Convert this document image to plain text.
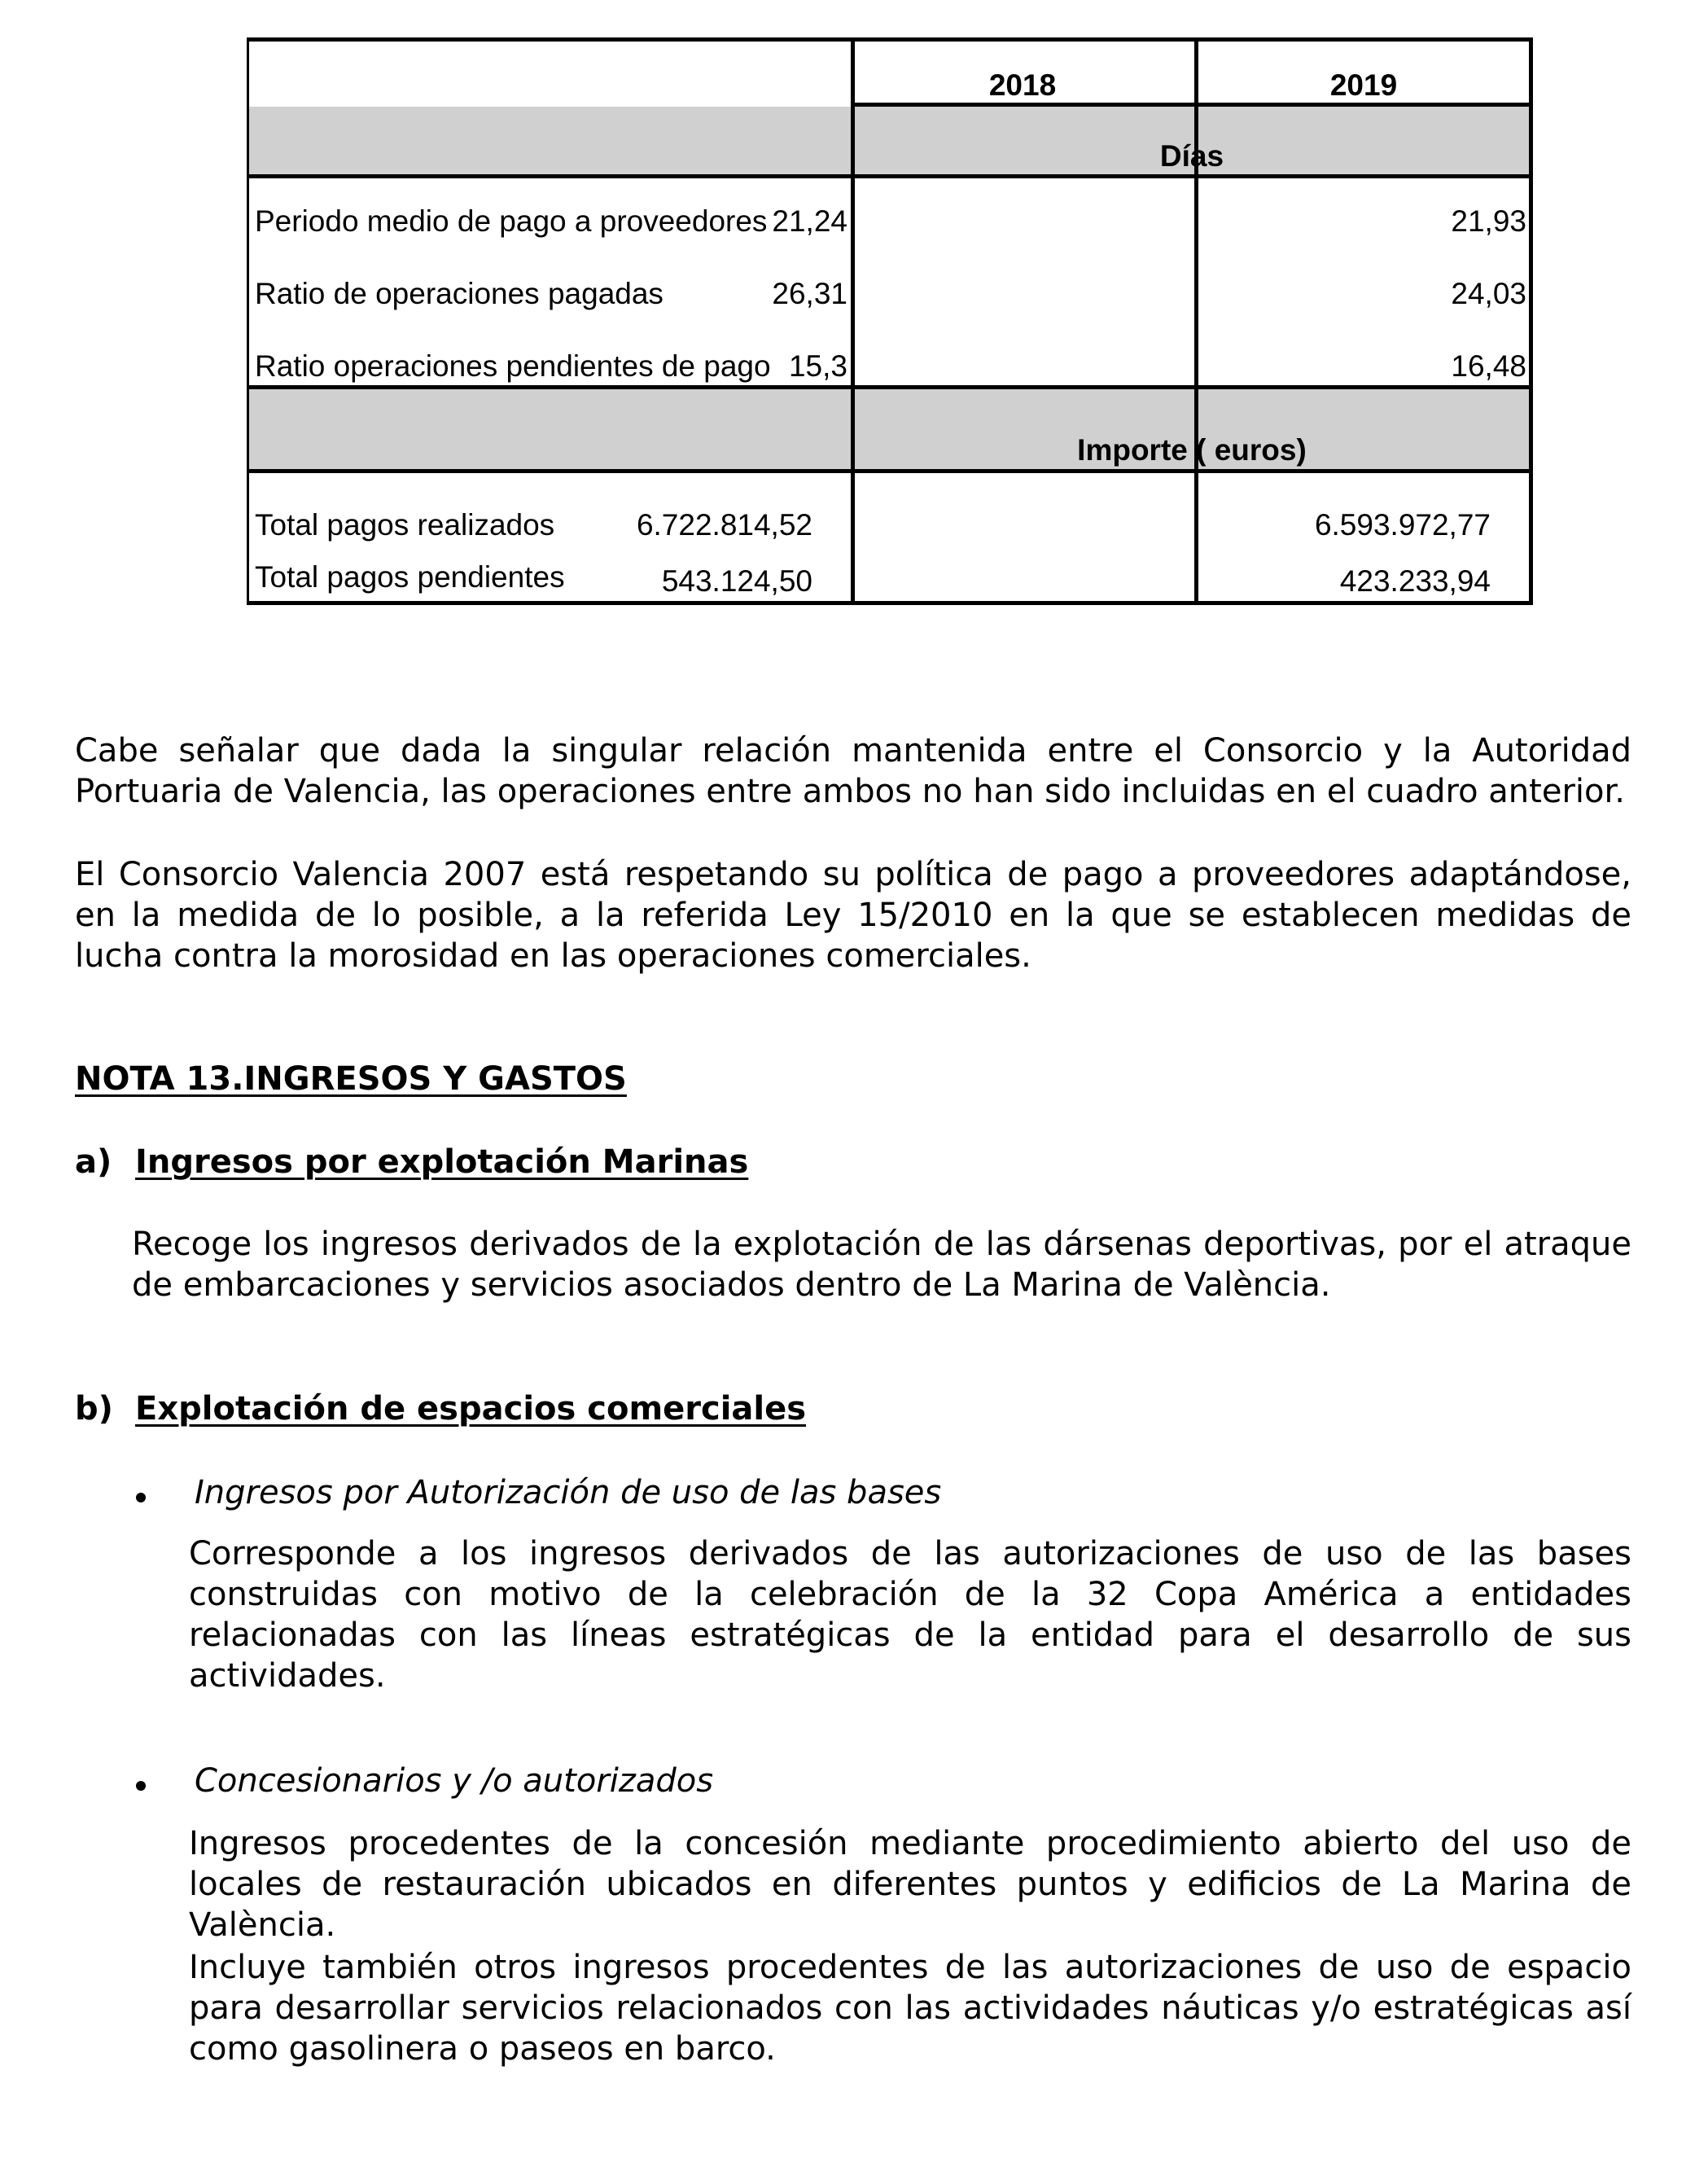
2018	2019
Días
Periodo medio de pago a proveedores 21,24	21,93
Ratio de operaciones pagadas	26,31	24,03
Ratio operaciones pendientes de pago 15,3	16,48
Importe ( euros)
Total pagos realizados	6.722.814,52	6.593.972,77
Total pagos pendientes	543.124,50	423.233,94

Cabe señalar que dada la singular relación mantenida entre el Consorcio y la Autoridad Portuaria de Valencia, las operaciones entre ambos no han sido incluidas en el cuadro anterior.

El Consorcio Valencia 2007 está respetando su política de pago a proveedores adaptándose, en la medida de lo posible, a la referida Ley 15/2010 en la que se establecen medidas de lucha contra la morosidad en las operaciones comerciales.

NOTA 13.INGRESOS Y GASTOS
a) Ingresos por explotación Marinas

Recoge los ingresos derivados de la explotación de las dársenas deportivas, por el atraque de embarcaciones y servicios asociados dentro de La Marina de València.

b) Explotación de espacios comerciales
Ingresos por Autorización de uso de las bases

Corresponde a los ingresos derivados de las autorizaciones de uso de las bases construidas con motivo de la celebración de la 32 Copa América a entidades relacionadas con las líneas estratégicas de la entidad para el desarrollo de sus actividades.

Concesionarios y /o autorizados

Ingresos procedentes de la concesión mediante procedimiento abierto del uso de locales de restauración ubicados en diferentes puntos y edificios de La Marina de València.

Incluye también otros ingresos procedentes de las autorizaciones de uso de espacio para desarrollar servicios relacionados con las actividades náuticas y/o estratégicas así como gasolinera o paseos en barco.
